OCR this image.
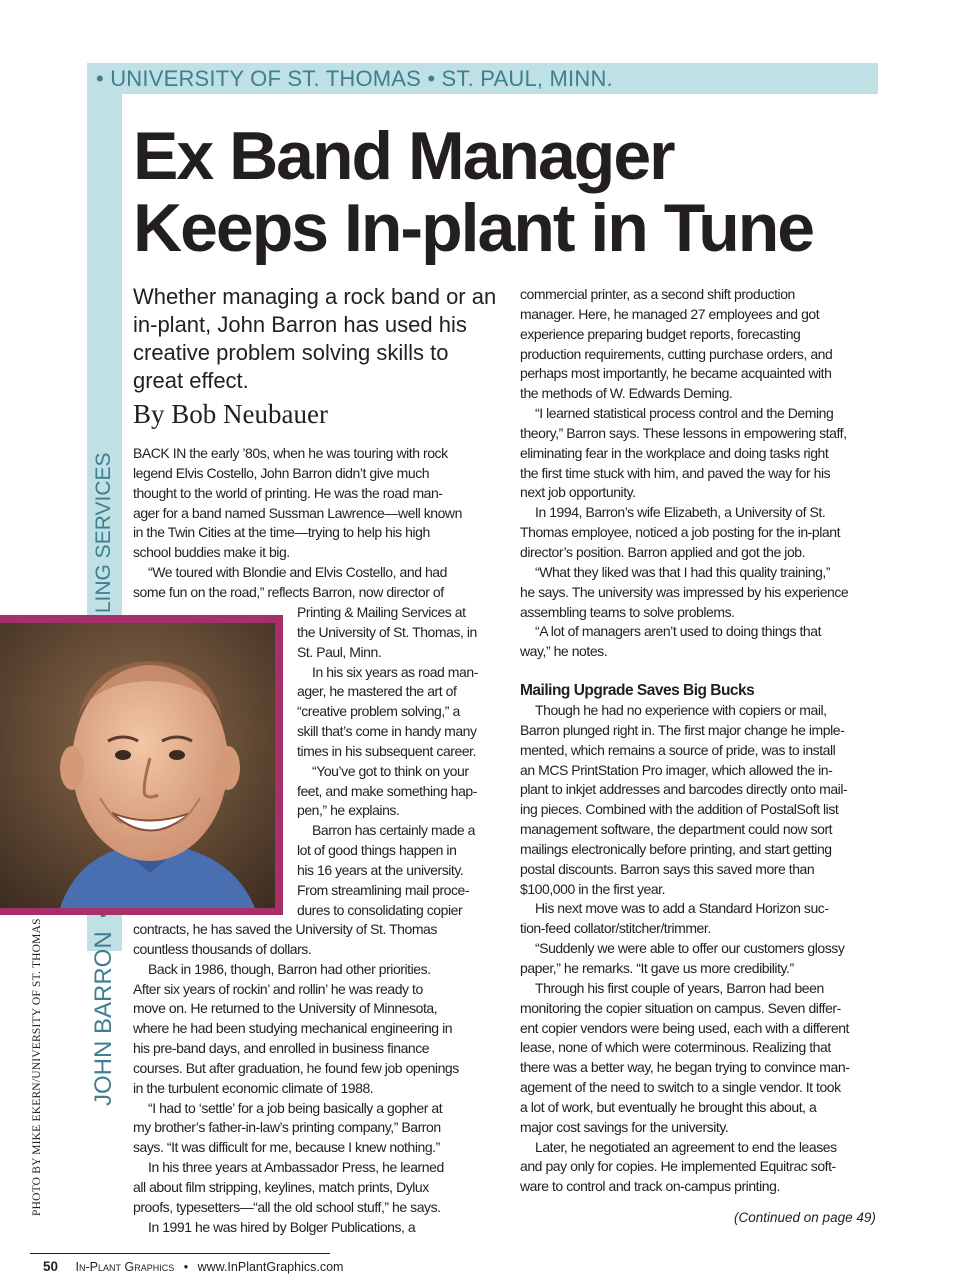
• UNIVERSITY OF ST. THOMAS • ST. PAUL, MINN.
JOHN BARRON
PHOTO BY MIKE EKERN/UNIVERSITY OF ST. THOMAS
Ex Band Manager
Keeps In-plant in Tune
Whether managing a rock band or an in-plant, John Barron has used his creative problem solving skills to great effect.
By Bob Neubauer
BACK IN the early ’80s, when he was touring with rock
legend Elvis Costello, John Barron didn’t give much
thought to the world of printing. He was the road man-
ager for a band named Sussman Lawrence—well known
in the Twin Cities at the time—trying to help his high
school buddies make it big.
“We toured with Blondie and Elvis Costello, and had
some fun on the road,” reflects Barron, now director of
Printing & Mailing Services at
the University of St. Thomas, in
St. Paul, Minn.
In his six years as road man-
ager, he mastered the art of
“creative problem solving,” a
skill that’s come in handy many
times in his subsequent career.
“You’ve got to think on your
feet, and make something hap-
pen,” he explains.
Barron has certainly made a
lot of good things happen in
his 16 years at the university.
From streamlining mail proce-
dures to consolidating copier
contracts, he has saved the University of St. Thomas
countless thousands of dollars.
Back in 1986, though, Barron had other priorities.
After six years of rockin’ and rollin’ he was ready to
move on. He returned to the University of Minnesota,
where he had been studying mechanical engineering in
his pre-band days, and enrolled in business finance
courses. But after graduation, he found few job openings
in the turbulent economic climate of 1988.
“I had to ‘settle’ for a job being basically a gopher at
my brother’s father-in-law’s printing company,” Barron
says. “It was difficult for me, because I knew nothing.”
In his three years at Ambassador Press, he learned
all about film stripping, keylines, match prints, Dylux
proofs, typesetters—“all the old school stuff,” he says.
In 1991 he was hired by Bolger Publications, a
commercial printer, as a second shift production
manager. Here, he managed 27 employees and got
experience preparing budget reports, forecasting
production requirements, cutting purchase orders, and
perhaps most importantly, he became acquainted with
the methods of W. Edwards Deming.
“I learned statistical process control and the Deming
theory,” Barron says. These lessons in empowering staff,
eliminating fear in the workplace and doing tasks right
the first time stuck with him, and paved the way for his
next job opportunity.
In 1994, Barron’s wife Elizabeth, a University of St.
Thomas employee, noticed a job posting for the in-plant
director’s position. Barron applied and got the job.
“What they liked was that I had this quality training,”
he says. The university was impressed by his experience
assembling teams to solve problems.
“A lot of managers aren’t used to doing things that
way,” he notes.
Mailing Upgrade Saves Big Bucks
Though he had no experience with copiers or mail,
Barron plunged right in. The first major change he imple-
mented, which remains a source of pride, was to install
an MCS PrintStation Pro imager, which allowed the in-
plant to inkjet addresses and barcodes directly onto mail-
ing pieces. Combined with the addition of PostalSoft list
management software, the department could now sort
mailings electronically before printing, and start getting
postal discounts. Barron says this saved more than
$100,000 in the first year.
His next move was to add a Standard Horizon suc-
tion-feed collator/stitcher/trimmer.
“Suddenly we were able to offer our customers glossy
paper,” he remarks. “It gave us more credibility.”
Through his first couple of years, Barron had been
monitoring the copier situation on campus. Seven differ-
ent copier vendors were being used, each with a different
lease, none of which were coterminous. Realizing that
there was a better way, he began trying to convince man-
agement of the need to switch to a single vendor. It took
a lot of work, but eventually he brought this about, a
major cost savings for the university.
Later, he negotiated an agreement to end the leases
and pay only for copies. He implemented Equitrac soft-
ware to control and track on-campus printing.
(Continued on page 49)
50 In-Plant Graphics • www.InPlantGraphics.com
